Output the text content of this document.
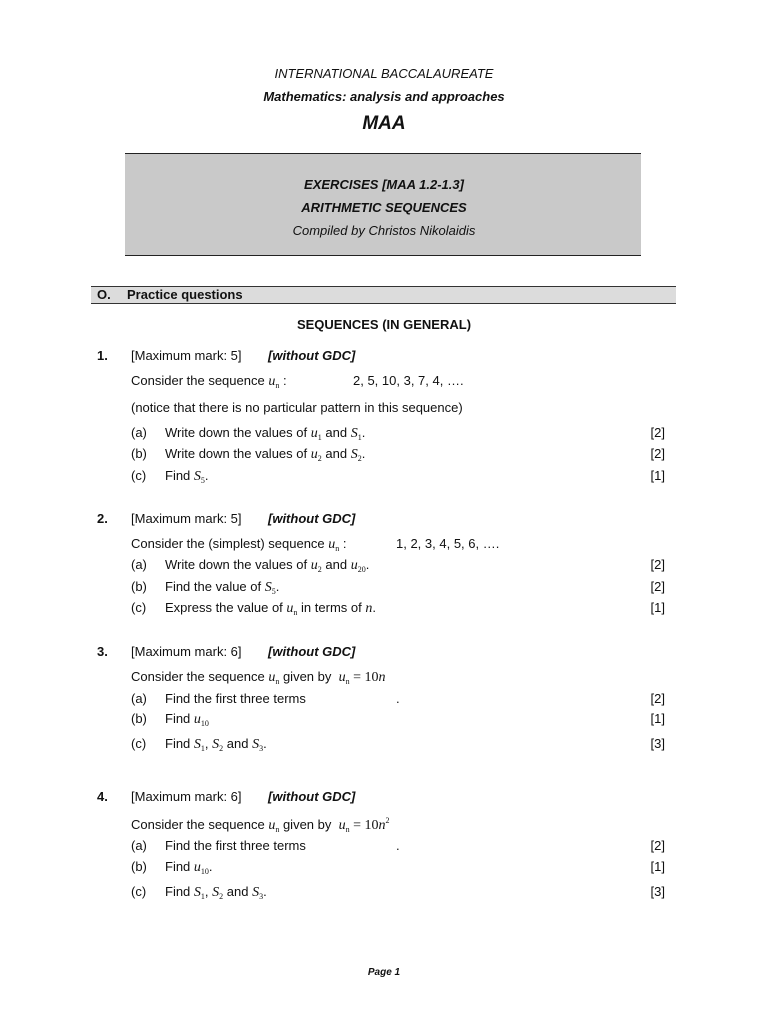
INTERNATIONAL BACCALAUREATE
Mathematics: analysis and approaches
MAA
EXERCISES [MAA 1.2-1.3]
ARITHMETIC SEQUENCES
Compiled by Christos Nikolaidis
O. Practice questions
SEQUENCES (IN GENERAL)
1. [Maximum mark: 5] [without GDC]
Consider the sequence $u_n$ :	2, 5, 10, 3, 7, 4, ….
(notice that there is no particular pattern in this sequence)
(a) Write down the values of $u_1$ and $S_1$.	[2]
(b) Write down the values of $u_2$ and $S_2$.	[2]
(c) Find $S_5$.	[1]
2. [Maximum mark: 5] [without GDC]
Consider the (simplest) sequence $u_n$ :	1, 2, 3, 4, 5, 6, ….
(a) Write down the values of $u_2$ and $u_{20}$.	[2]
(b) Find the value of $S_5$.	[2]
(c) Express the value of $u_n$ in terms of n.	[1]
3. [Maximum mark: 6] [without GDC]
Consider the sequence $u_n$ given by $u_n = 10n$
(a) Find the first three terms	.	[2]
(b) Find $u_{10}$	[1]
(c) Find $S_1$, $S_2$ and $S_3$.	[3]
4. [Maximum mark: 6] [without GDC]
Consider the sequence $u_n$ given by $u_n = 10n^2$
(a) Find the first three terms	.	[2]
(b) Find $u_{10}$.	[1]
(c) Find $S_1$, $S_2$ and $S_3$.	[3]
Page 1
